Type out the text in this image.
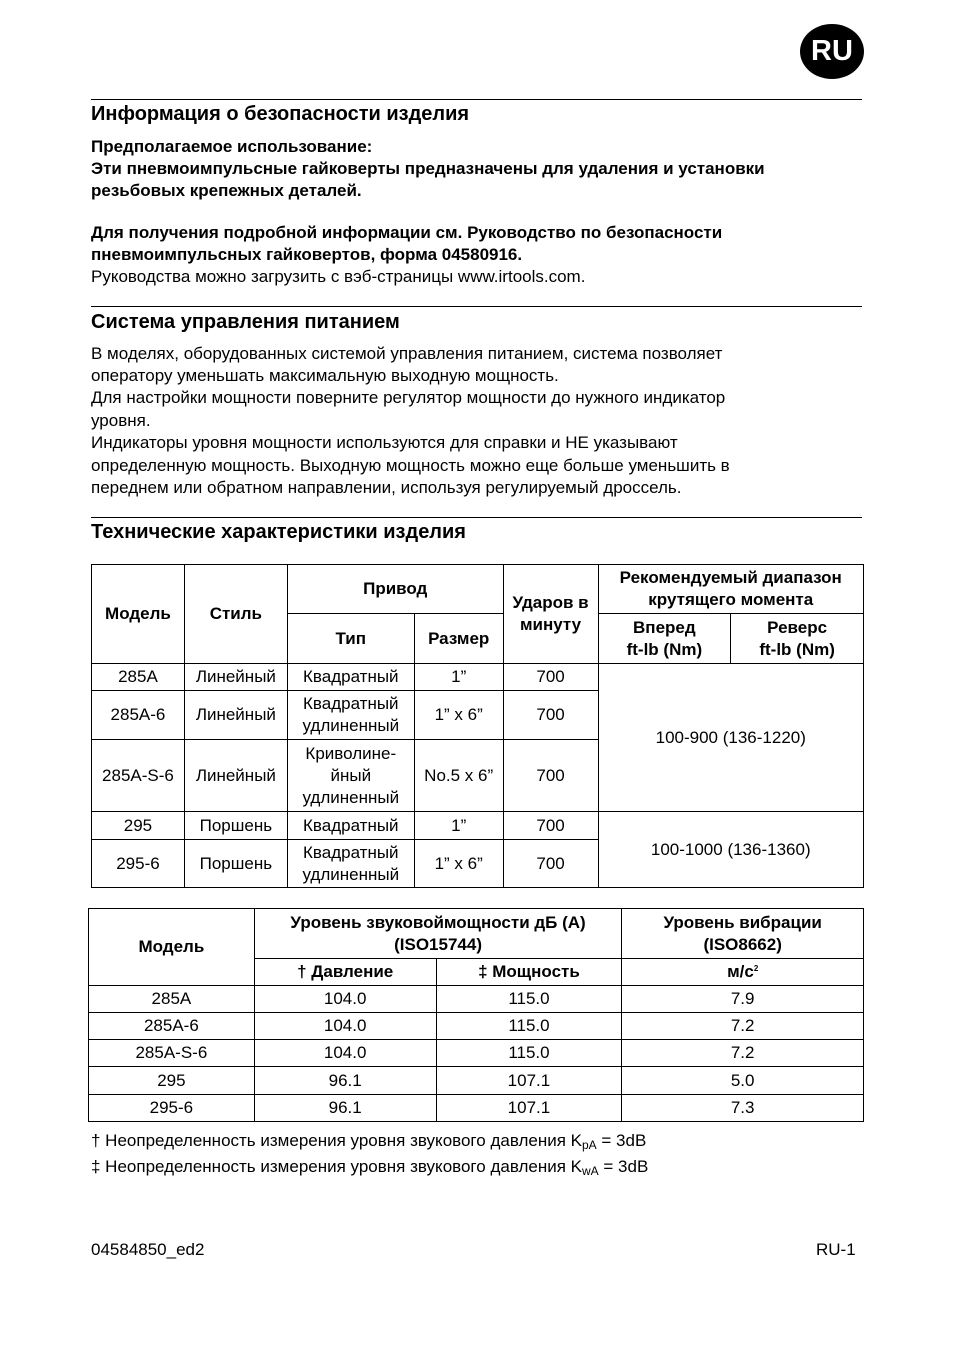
RU
Информация о безопасности изделия

Предполагаемое использование:

Эти пневмоимпульсные гайковерты предназначены для удаления и установки

резьбовых крепежных деталей.

Для получения подробной информации см. Руководство по безопасности

пневмоимпульсных гайковертов, форма 04580916.

Руководства можно загрузить с вэб-страницы www.irtools.com.

Система управления питанием

В моделях, оборудованных системой управления питанием, система позволяет

оператору уменьшать максимальную выходную мощность.

Для настройки мощности поверните регулятор мощности до нужного индикатор

уровня.

Индикаторы уровня мощности используются для справки и НЕ указывают

определенную мощность. Выходную мощность можно еще больше уменьшить в

переднем или обратном направлении, используя регулируемый дроссель.

Технические характеристики изделия
Модель	Стиль	Привод		Ударов в
минуту	Рекомендуемый диапазон
крутящего момента	
		Тип	Размер		Вперед
ft-lb (Nm)	Реверс
ft-lb (Nm)
285A	Линейный	Квадратный	1”	700	100-900 (136-1220)	
285A-6	Линейный	Квадратный
удлиненный	1” x 6”	700		
285A-S-6	Линейный	Криволине-
йный
удлиненный	No.5 x 6”	700		
295	Поршень	Квадратный	1”	700	100-1000 (136-1360)	
295-6	Поршень	Квадратный
удлиненный	1” x 6”	700		
Модель	Уровень звуковоймощности дБ (А)
(ISO15744)		Уровень вибрации
(ISO8662)
	† Давление	‡ Мощность	$м/c^2$
285A	104.0	115.0	7.9
285A-6	104.0	115.0	7.2
285A-S-6	104.0	115.0	7.2
295	96.1	107.1	5.0
295-6	96.1	107.1	7.3

† Неопределенность измерения уровня звукового давления $K_{pA} = 3dB$

‡ Неопределенность измерения уровня звукового давления $K_{wA} = 3dB$

04584850_ed2	RU-1
